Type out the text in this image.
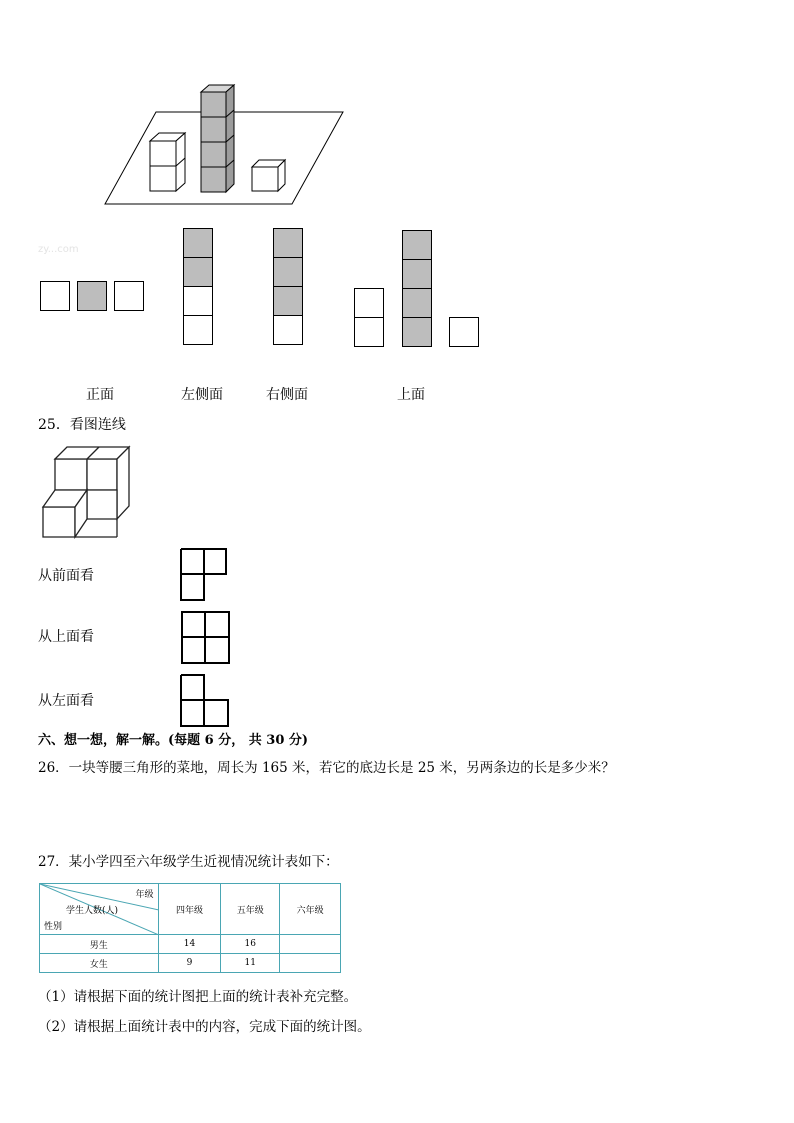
zy...com
正面	左侧面	右侧面	上面
25．看图连线
从前面看
从上面看
从左面看
六、想一想，解一解。(每题 6 分， 共 30 分)
26．一块等腰三角形的菜地，周长为 165 米，若它的底边长是 25 米，另两条边的长是多少米？
27．某小学四至六年级学生近视情况统计表如下：
年级
学生人数(人)
性别	四年级	五年级	六年级
男生	14	16	
女生	9	11	
（1）请根据下面的统计图把上面的统计表补充完整。
（2）请根据上面统计表中的内容，完成下面的统计图。
